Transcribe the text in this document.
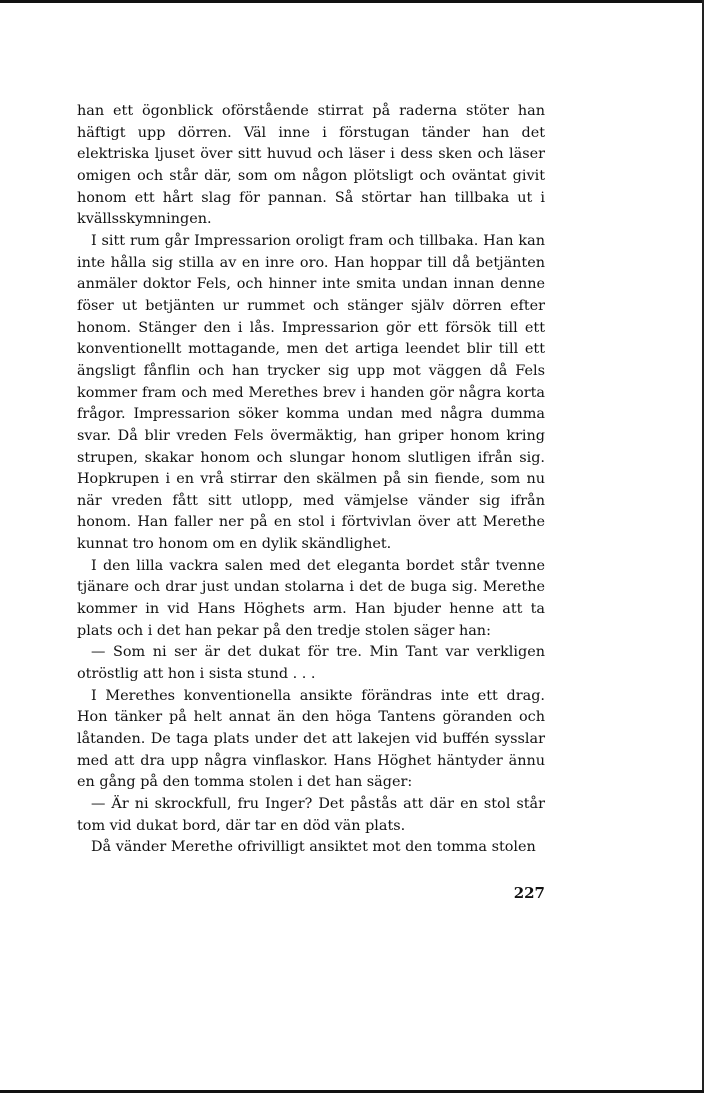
han ett ögonblick oförstående stirrat på raderna stöter han häftigt upp dörren. Väl inne i förstugan tänder han det elektriska ljuset över sitt huvud och läser i dess sken och läser omigen och står där, som om någon plötsligt och oväntat givit honom ett hårt slag för pannan. Så störtar han tillbaka ut i kvällsskymningen.

I sitt rum går Impressarion oroligt fram och tillbaka. Han kan inte hålla sig stilla av en inre oro. Han hoppar till då betjänten anmäler doktor Fels, och hinner inte smita undan innan denne föser ut betjänten ur rummet och stänger själv dörren efter honom. Stänger den i lås. Impressarion gör ett försök till ett konventionellt mottagande, men det artiga leendet blir till ett ängsligt fånflin och han trycker sig upp mot väggen då Fels kommer fram och med Merethes brev i handen gör några korta frågor. Impressarion söker komma undan med några dumma svar. Då blir vreden Fels övermäktig, han griper honom kring strupen, skakar honom och slungar honom slutligen ifrån sig. Hopkrupen i en vrå stirrar den skälmen på sin fiende, som nu när vreden fått sitt utlopp, med vämjelse vänder sig ifrån honom. Han faller ner på en stol i förtvivlan över att Merethe kunnat tro honom om en dylik skändlighet.

I den lilla vackra salen med det eleganta bordet står tvenne tjänare och drar just undan stolarna i det de buga sig. Merethe kommer in vid Hans Höghets arm. Han bjuder henne att ta plats och i det han pekar på den tredje stolen säger han:

— Som ni ser är det dukat för tre. Min Tant var verkligen otröstlig att hon i sista stund . . .

I Merethes konventionella ansikte förändras inte ett drag. Hon tänker på helt annat än den höga Tantens göranden och låtanden. De taga plats under det att lakejen vid buffén sysslar med att dra upp några vinflaskor. Hans Höghet häntyder ännu en gång på den tomma stolen i det han säger:

— Är ni skrockfull, fru Inger? Det påstås att där en stol står tom vid dukat bord, där tar en död vän plats.

Då vänder Merethe ofrivilligt ansiktet mot den tomma stolen

227
